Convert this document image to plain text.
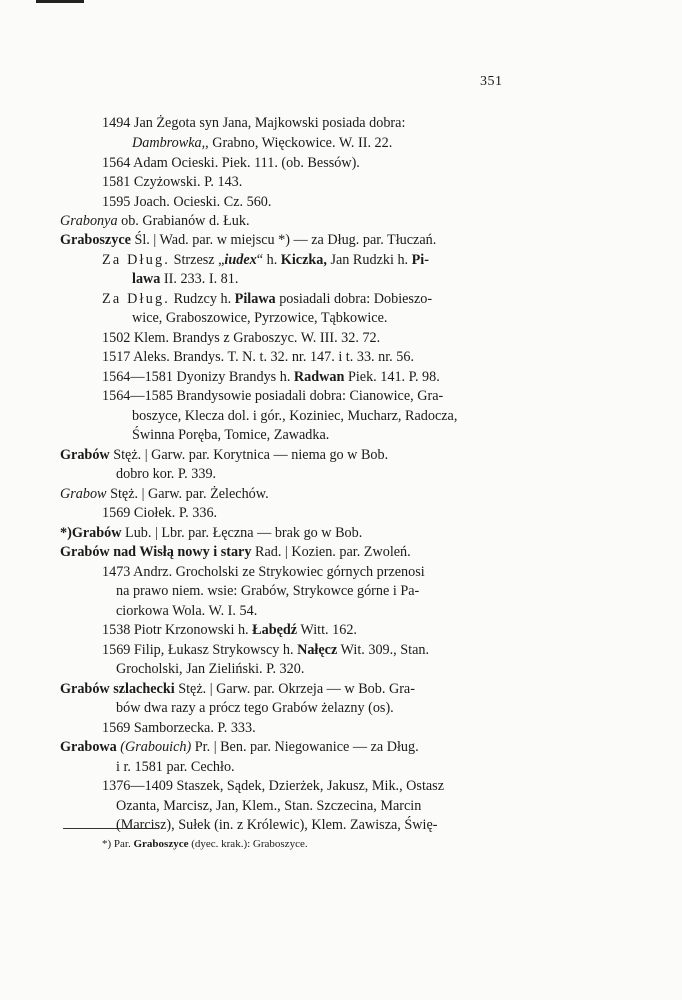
351
1494 Jan Żegota syn Jana, Majkowski posiada dobra:
Dambrowka,, Grabno, Więckowice. W. II. 22.
1564 Adam Ocieski. Piek. 111. (ob. Bessów).
1581 Czyżowski. P. 143.
1595 Joach. Ocieski. Cz. 560.
Grabonya ob. Grabianów d. Łuk.
Graboszyce Śl. | Wad. par. w miejscu *) — za Dług. par. Tłuczań.
Za Dług. Strzesz „iudex“ h. Kiczka, Jan Rudzki h. Pi-
lawa II. 233. I. 81.
Za Dług. Rudzcy h. Pilawa posiadali dobra: Dobieszo-
wice, Graboszowice, Pyrzowice, Tąbkowice.
1502 Klem. Brandys z Graboszyc. W. III. 32. 72.
1517 Aleks. Brandys. T. N. t. 32. nr. 147. i t. 33. nr. 56.
1564—1581 Dyonizy Brandys h. Radwan Piek. 141. P. 98.
1564—1585 Brandysowie posiadali dobra: Cianowice, Gra-
boszyce, Klecza dol. i gór., Koziniec, Mucharz, Radocza,
Świnna Poręba, Tomice, Zawadka.
Grabów Stęż. | Garw. par. Korytnica — niema go w Bob.
dobro kor. P. 339.
Grabow Stęż. | Garw. par. Żelechów.
1569 Ciołek. P. 336.
*)Grabów Lub. | Lbr. par. Łęczna — brak go w Bob.
Grabów nad Wisłą nowy i stary Rad. | Kozien. par. Zwoleń.
1473 Andrz. Grocholski ze Strykowiec górnych przenosi
na prawo niem. wsie: Grabów, Strykowce górne i Pa-
ciorkowa Wola. W. I. 54.
1538 Piotr Krzonowski h. Łabędź Witt. 162.
1569 Filip, Łukasz Strykowscy h. Nałęcz Wit. 309., Stan.
Grocholski, Jan Zieliński. P. 320.
Grabów szlachecki Stęż. | Garw. par. Okrzeja — w Bob. Gra-
bów dwa razy a prócz tego Grabów żelazny (os).
1569 Samborzecka. P. 333.
Grabowa (Grabouich) Pr. | Ben. par. Niegowanice — za Dług.
i r. 1581 par. Cechło.
1376—1409 Staszek, Sądek, Dzierżek, Jakusz, Mik., Ostasz
Ozanta, Marcisz, Jan, Klem., Stan. Szczecina, Marcin
(Marcisz), Sułek (in. z Królewic), Klem. Zawisza, Świę-
*) Par. Graboszyce (dyec. krak.): Graboszyce.
